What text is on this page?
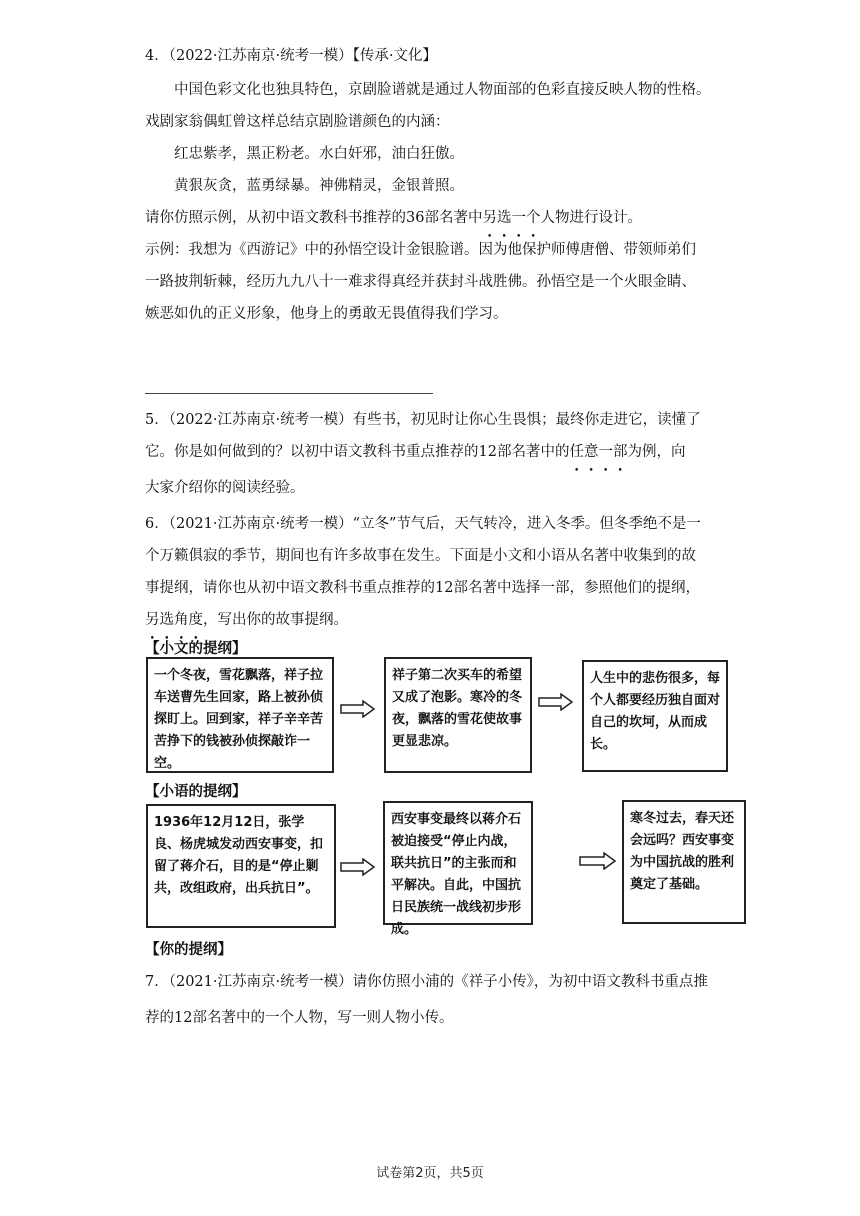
4．（2022·江苏南京·统考一模）【传承·文化】
中国色彩文化也独具特色，京剧脸谱就是通过人物面部的色彩直接反映人物的性格。
戏剧家翁偶虹曾这样总结京剧脸谱颜色的内涵：
红忠紫孝，黑正粉老。水白奸邪，油白狂傲。
黄狠灰贪，蓝勇绿暴。神佛精灵，金银普照。
请你仿照示例，从初中语文教科书推荐的36部名著中另选一个人物进行设计。
示例：我想为《西游记》中的孙悟空设计金银脸谱。因为他保护师傅唐僧、带领师弟们
一路披荆斩棘，经历九九八十一难求得真经并获封斗战胜佛。孙悟空是一个火眼金睛、
嫉恶如仇的正义形象，他身上的勇敢无畏值得我们学习。
5．（2022·江苏南京·统考一模）有些书，初见时让你心生畏惧；最终你走进它，读懂了
它。你是如何做到的？以初中语文教科书重点推荐的12部名著中的任意一部为例，向
大家介绍你的阅读经验。
6．（2021·江苏南京·统考一模）“立冬”节气后，天气转冷，进入冬季。但冬季绝不是一
个万籁俱寂的季节，期间也有许多故事在发生。下面是小文和小语从名著中收集到的故
事提纲，请你也从初中语文教科书重点推荐的12部名著中选择一部，参照他们的提纲，
另选角度，写出你的故事提纲。
【小文的提纲】
一个冬夜，雪花飘落，祥子拉车送曹先生回家，路上被孙侦探盯上。回到家，祥子辛辛苦苦挣下的钱被孙侦探敲诈一空。
祥子第二次买车的希望又成了泡影。寒冷的冬夜，飘落的雪花使故事更显悲凉。
人生中的悲伤很多，每个人都要经历独自面对自己的坎坷，从而成长。
【小语的提纲】
1936年12月12日，张学良、杨虎城发动西安事变，扣留了蒋介石，目的是“停止剿共，改组政府，出兵抗日”。
西安事变最终以蒋介石被迫接受“停止内战，联共抗日”的主张而和平解决。自此，中国抗日民族统一战线初步形成。
寒冬过去，春天还会远吗？西安事变为中国抗战的胜利奠定了基础。
【你的提纲】
7．（2021·江苏南京·统考一模）请你仿照小浦的《祥子小传》，为初中语文教科书重点推
荐的12部名著中的一个人物，写一则人物小传。
试卷第2页，共5页
